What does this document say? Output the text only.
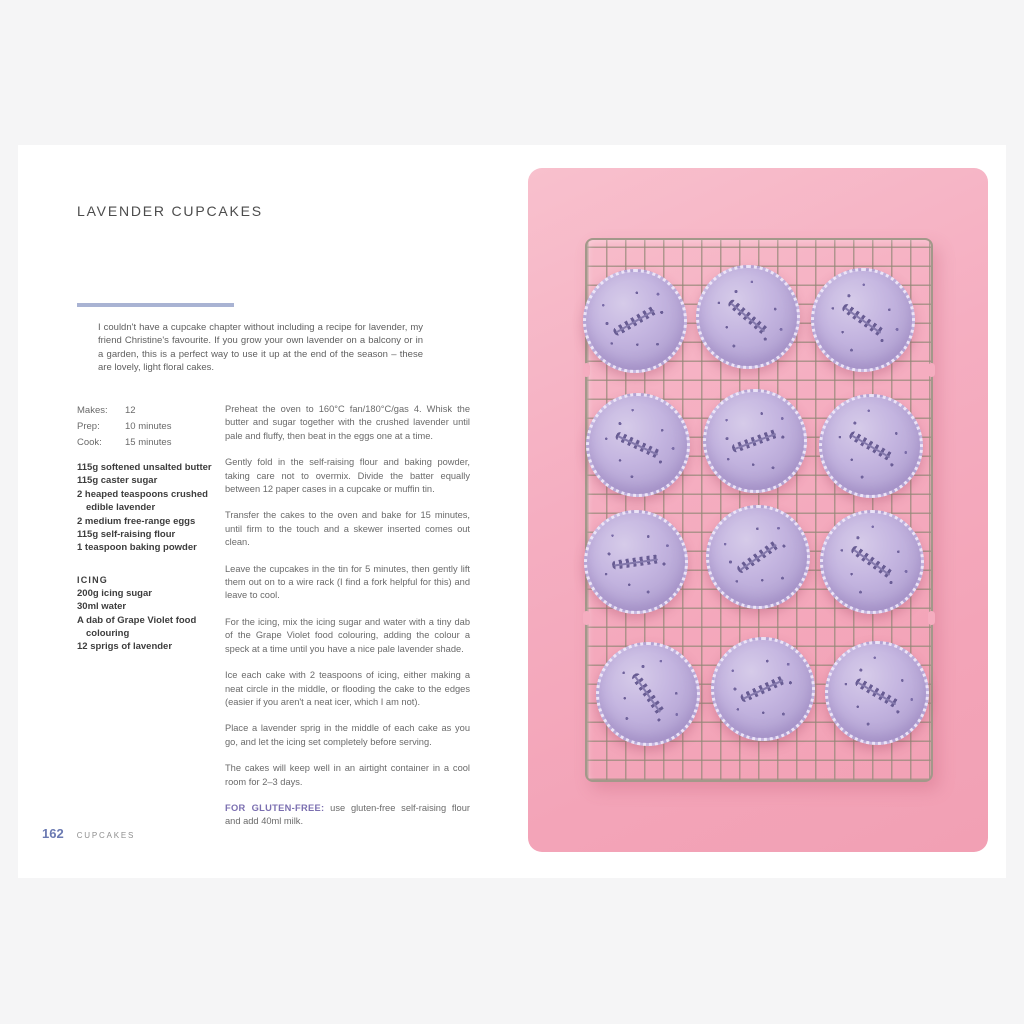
LAVENDER CUPCAKES
I couldn't have a cupcake chapter without including a recipe for lavender, my friend Christine's favourite. If you grow your own lavender on a balcony or in a garden, this is a perfect way to use it up at the end of the season – these are lovely, light floral cakes.
Makes:	12
Prep:	10 minutes
Cook:	15 minutes
115g softened unsalted butter
115g caster sugar
2 heaped teaspoons crushed edible lavender
2 medium free-range eggs
115g self-raising flour
1 teaspoon baking powder
ICING
200g icing sugar
30ml water
A dab of Grape Violet food colouring
12 sprigs of lavender

Preheat the oven to 160°C fan/180°C/gas 4. Whisk the butter and sugar together with the crushed lavender until pale and fluffy, then beat in the eggs one at a time.

Gently fold in the self-raising flour and baking powder, taking care not to overmix. Divide the batter equally between 12 paper cases in a cupcake or muffin tin.

Transfer the cakes to the oven and bake for 15 minutes, until firm to the touch and a skewer inserted comes out clean.

Leave the cupcakes in the tin for 5 minutes, then gently lift them out on to a wire rack (I find a fork helpful for this) and leave to cool.

For the icing, mix the icing sugar and water with a tiny dab of the Grape Violet food colouring, adding the colour a speck at a time until you have a nice pale lavender shade.

Ice each cake with 2 teaspoons of icing, either making a neat circle in the middle, or flooding the cake to the edges (easier if you aren't a neat icer, which I am not).

Place a lavender sprig in the middle of each cake as you go, and let the icing set completely before serving.

The cakes will keep well in an airtight container in a cool room for 2–3 days.

FOR GLUTEN-FREE: use gluten-free self-raising flour and add 40ml milk.

162 CUPCAKES
